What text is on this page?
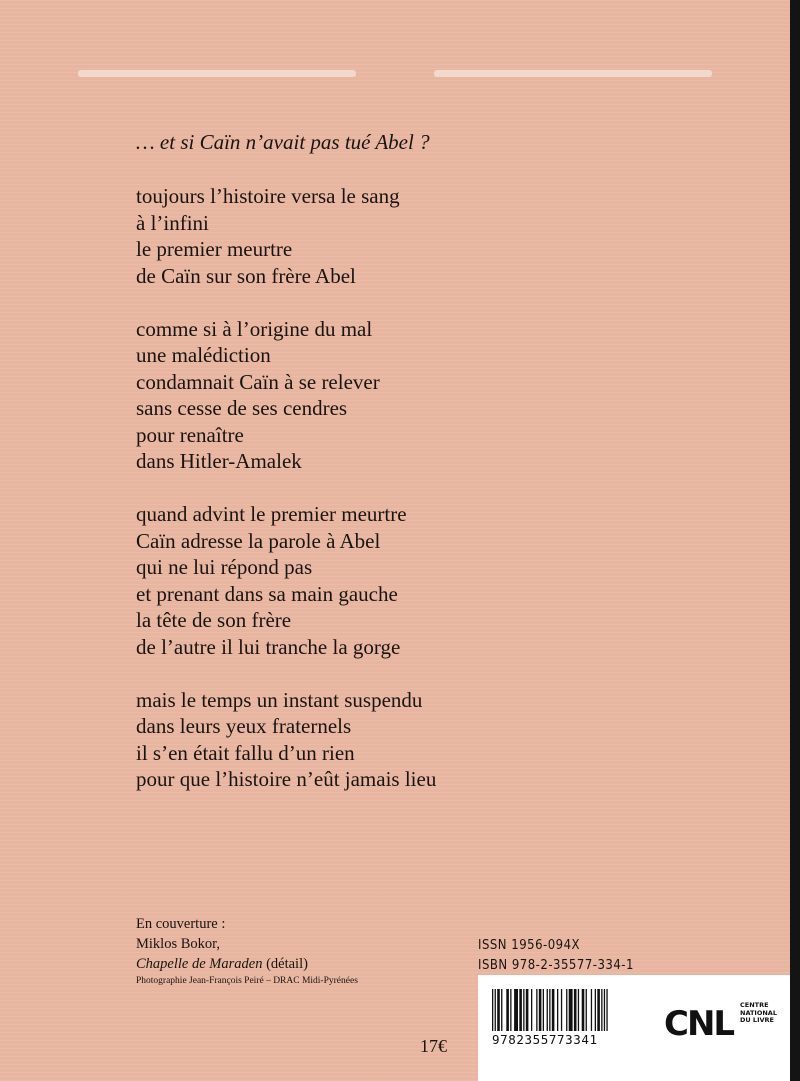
… et si Caïn n’avait pas tué Abel ?

toujours l’histoire versa le sang
à l’infini
le premier meurtre
de Caïn sur son frère Abel
comme si à l’origine du mal
une malédiction
condamnait Caïn à se relever
sans cesse de ses cendres
pour renaître
dans Hitler-Amalek
quand advint le premier meurtre
Caïn adresse la parole à Abel
qui ne lui répond pas
et prenant dans sa main gauche
la tête de son frère
de l’autre il lui tranche la gorge
mais le temps un instant suspendu
dans leurs yeux fraternels
il s’en était fallu d’un rien
pour que l’histoire n’eût jamais lieu
En couverture :
Miklos Bokor,
Chapelle de Maraden (détail)
Photographie Jean-François Peiré – DRAC Midi-Pyrénées
17€
ISSN 1956-094X
ISBN 978-2-35577-334-1
9782355773341	CNL CENTRE
NATIONAL
DU LIVRE
